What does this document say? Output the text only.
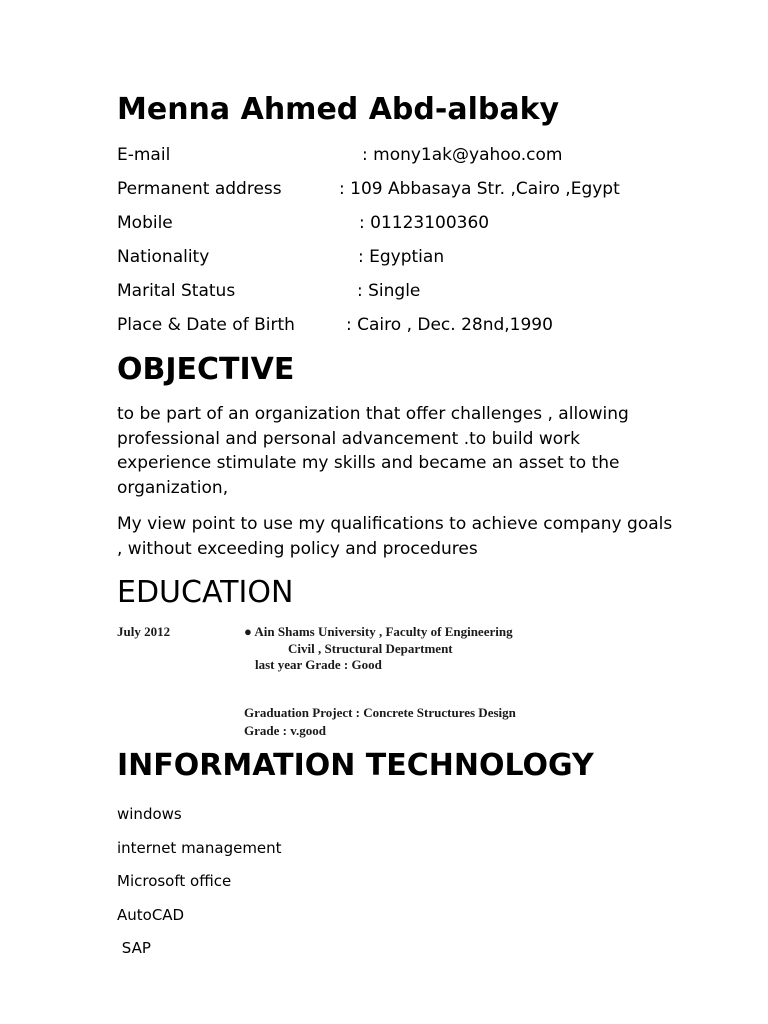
Menna Ahmed Abd-albaky
E-mail	: mony1ak@yahoo.com
Permanent address	: 109 Abbasaya Str. ,Cairo ,Egypt
Mobile	: 01123100360
Nationality	: Egyptian
Marital Status	: Single
Place & Date of Birth	: Cairo , Dec. 28nd,1990
OBJECTIVE

to be part of an organization that offer challenges , allowing professional and personal advancement .to build work experience stimulate my skills and became an asset to the organization,

My view point to use my qualifications to achieve company goals , without exceeding policy and procedures

EDUCATION
July 2012	● Ain Shams University , Faculty of Engineering
Civil , Structural Department
last year Grade : Good
Graduation Project : Concrete Structures Design
Grade : v.good
INFORMATION TECHNOLOGY
windows
internet management
Microsoft office
AutoCAD
SAP
